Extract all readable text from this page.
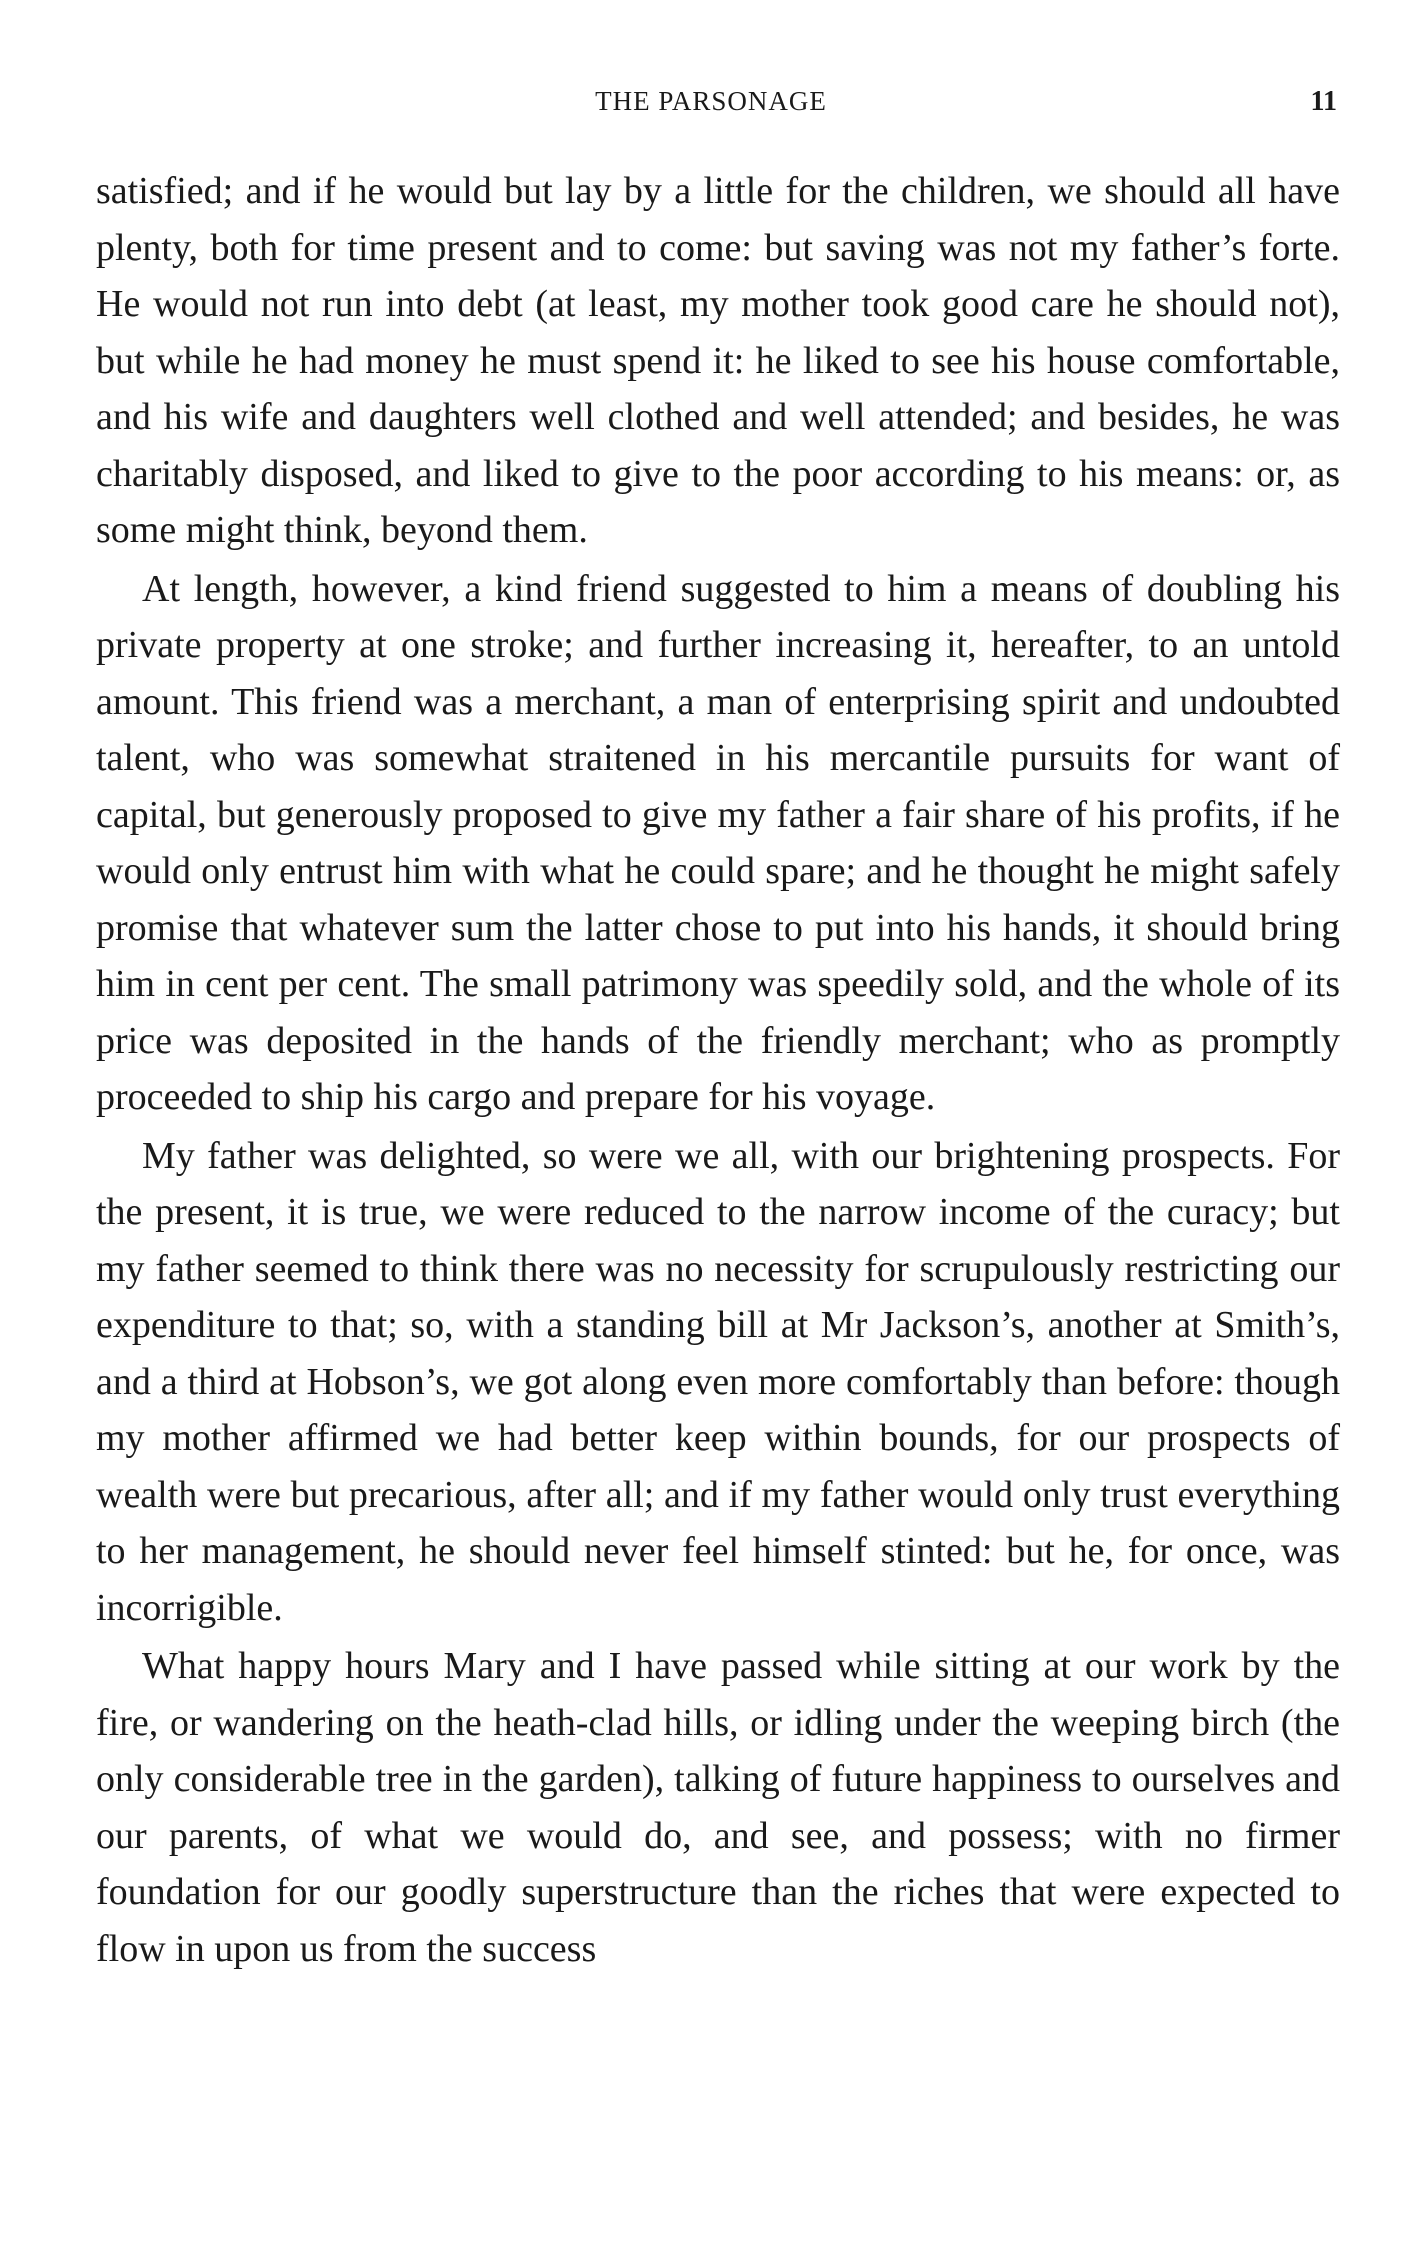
THE PARSONAGE	11

satisfied; and if he would but lay by a little for the children, we should all have plenty, both for time present and to come: but saving was not my father’s forte. He would not run into debt (at least, my mother took good care he should not), but while he had money he must spend it: he liked to see his house comfortable, and his wife and daughters well clothed and well attended; and besides, he was charitably disposed, and liked to give to the poor according to his means: or, as some might think, beyond them.

At length, however, a kind friend suggested to him a means of doubling his private property at one stroke; and further increasing it, hereafter, to an untold amount. This friend was a merchant, a man of enterprising spirit and undoubted talent, who was somewhat straitened in his mercantile pursuits for want of capital, but generously proposed to give my father a fair share of his profits, if he would only entrust him with what he could spare; and he thought he might safely promise that whatever sum the latter chose to put into his hands, it should bring him in cent per cent. The small patrimony was speedily sold, and the whole of its price was deposited in the hands of the friendly merchant; who as promptly proceeded to ship his cargo and prepare for his voyage.

My father was delighted, so were we all, with our brightening prospects. For the present, it is true, we were reduced to the narrow income of the curacy; but my father seemed to think there was no necessity for scrupulously restricting our expenditure to that; so, with a standing bill at Mr Jackson’s, another at Smith’s, and a third at Hobson’s, we got along even more comfortably than before: though my mother affirmed we had better keep within bounds, for our prospects of wealth were but precarious, after all; and if my father would only trust everything to her management, he should never feel himself stinted: but he, for once, was incorrigible.

What happy hours Mary and I have passed while sitting at our work by the fire, or wandering on the heath-clad hills, or idling under the weeping birch (the only considerable tree in the garden), talking of future happiness to ourselves and our parents, of what we would do, and see, and possess; with no firmer foundation for our goodly superstructure than the riches that were expected to flow in upon us from the success
